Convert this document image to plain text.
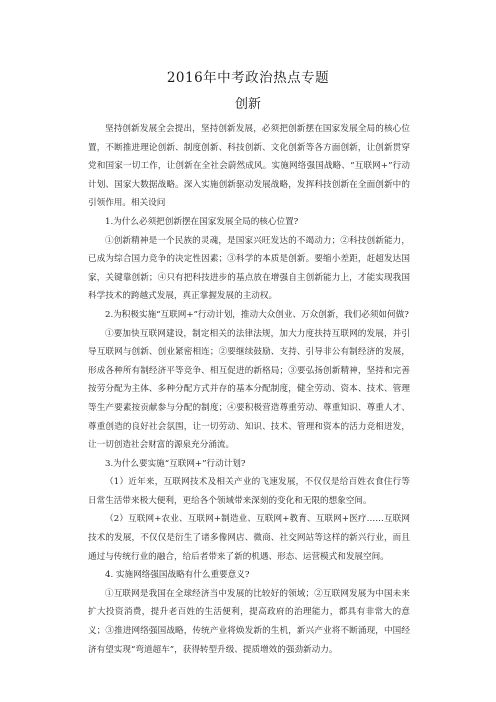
2016年中考政治热点专题
创新

坚持创新发展全会提出，坚持创新发展，必须把创新摆在国家发展全局的核心位置，不断推进理论创新、制度创新、科技创新、文化创新等各方面创新，让创新贯穿党和国家一切工作，让创新在全社会蔚然成风。实施网络强国战略、“互联网+”行动计划、国家大数据战略。深入实施创新驱动发展战略，发挥科技创新在全面创新中的引领作用。相关设问

1.为什么必须把创新摆在国家发展全局的核心位置?

①创新精神是一个民族的灵魂，是国家兴旺发达的不竭动力；②科技创新能力，已成为综合国力竞争的决定性因素；③科学的本质是创新。要缩小差距，赶超发达国家，关键靠创新；④只有把科技进步的基点放在增强自主创新能力上，才能实现我国科学技术的跨越式发展，真正掌握发展的主动权。

2.为积极实施“互联网+”行动计划，推动大众创业、万众创新，我们必须如何做?

①要加快互联网建设，制定相关的法律法规，加大力度扶持互联网的发展，并引导互联网与创新、创业紧密相连；②要继续鼓励、支持、引导非公有制经济的发展，形成各种所有制经济平等竞争、相互促进的新格局；③要弘扬创新精神，坚持和完善按劳分配为主体、多种分配方式并存的基本分配制度，健全劳动、资本、技术、管理等生产要素按贡献参与分配的制度；④要积极营造尊重劳动、尊重知识、尊重人才、尊重创造的良好社会氛围，让一切劳动、知识、技术、管理和资本的活力竞相迸发，让一切创造社会财富的源泉充分涌流。

3.为什么要实施“互联网+”行动计划?

（1）近年来，互联网技术及相关产业的飞速发展，不仅仅是给百姓衣食住行等日常生活带来极大便利，更给各个领域带来深刻的变化和无限的想象空间。

（2）互联网+农业、互联网+制造业、互联网+教育、互联网+医疗……互联网技术的发展，不仅仅是衍生了诸多像网店、微商、社交网站等这样的新兴行业，而且通过与传统行业的融合，给后者带来了新的机遇、形态、运营模式和发展空间。

4. 实施网络强国战略有什么重要意义?

①互联网是我国在全球经济当中发展的比较好的领域；②互联网发展为中国未来扩大投资消费，提升老百姓的生活便利，提高政府的治理能力，都具有非常大的意义；③推进网络强国战略，传统产业将焕发新的生机，新兴产业将不断涌现，中国经济有望实现“弯道超车”，获得转型升级、提质增效的强劲新动力。
